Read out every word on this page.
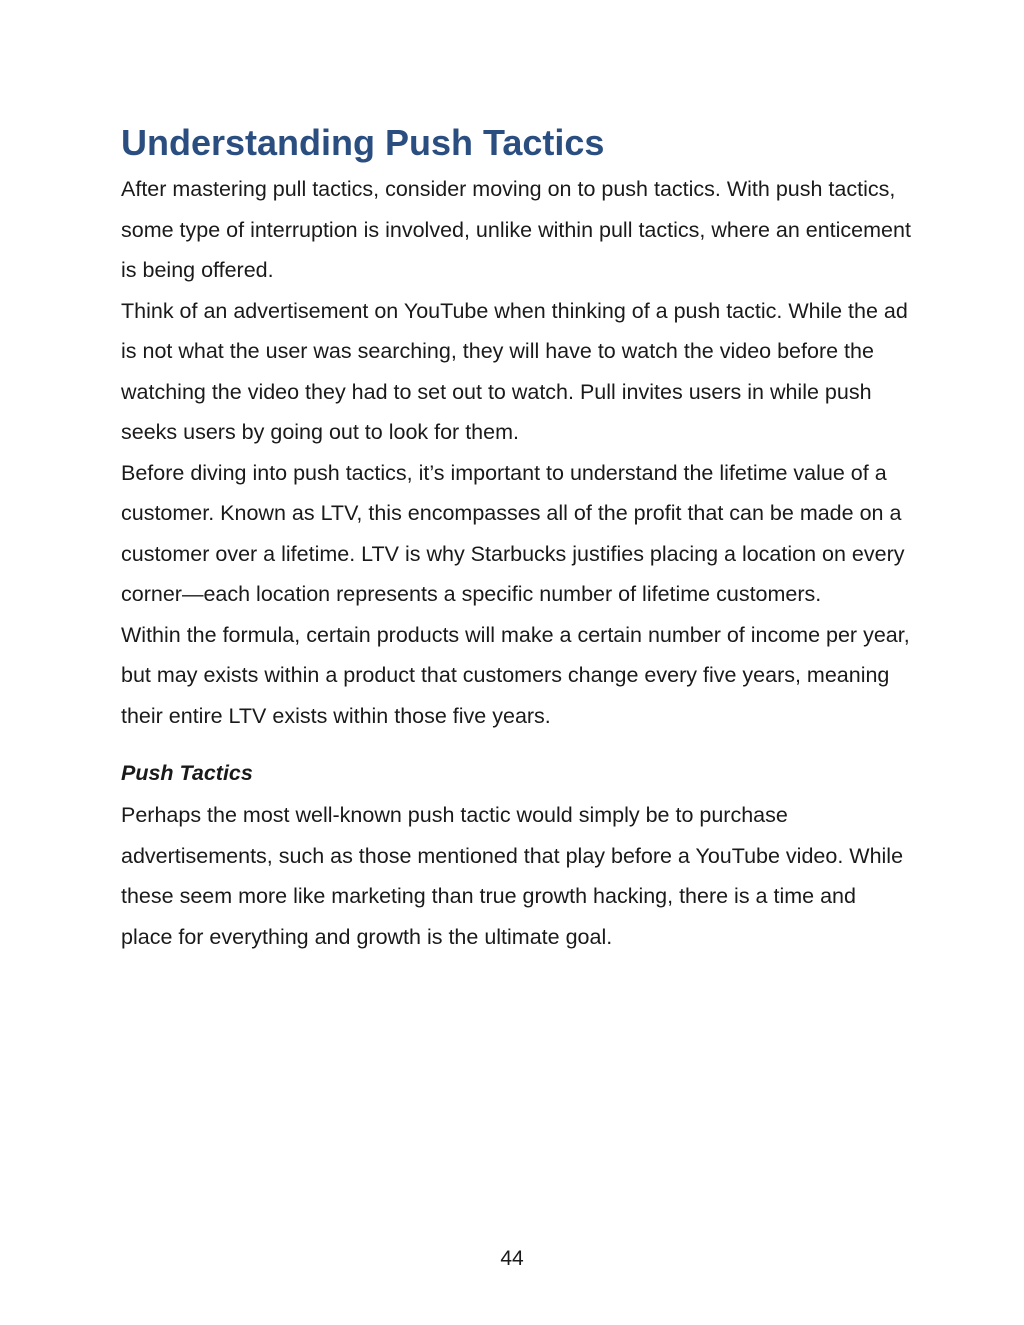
Understanding Push Tactics

After mastering pull tactics, consider moving on to push tactics. With push tactics, some type of interruption is involved, unlike within pull tactics, where an enticement is being offered.

Think of an advertisement on YouTube when thinking of a push tactic. While the ad is not what the user was searching, they will have to watch the video before the watching the video they had to set out to watch. Pull invites users in while push seeks users by going out to look for them.

Before diving into push tactics, it’s important to understand the lifetime value of a customer. Known as LTV, this encompasses all of the profit that can be made on a customer over a lifetime. LTV is why Starbucks justifies placing a location on every corner—each location represents a specific number of lifetime customers.

Within the formula, certain products will make a certain number of income per year, but may exists within a product that customers change every five years, meaning their entire LTV exists within those five years.

Push Tactics

Perhaps the most well-known push tactic would simply be to purchase advertisements, such as those mentioned that play before a YouTube video. While these seem more like marketing than true growth hacking, there is a time and place for everything and growth is the ultimate goal.

44
